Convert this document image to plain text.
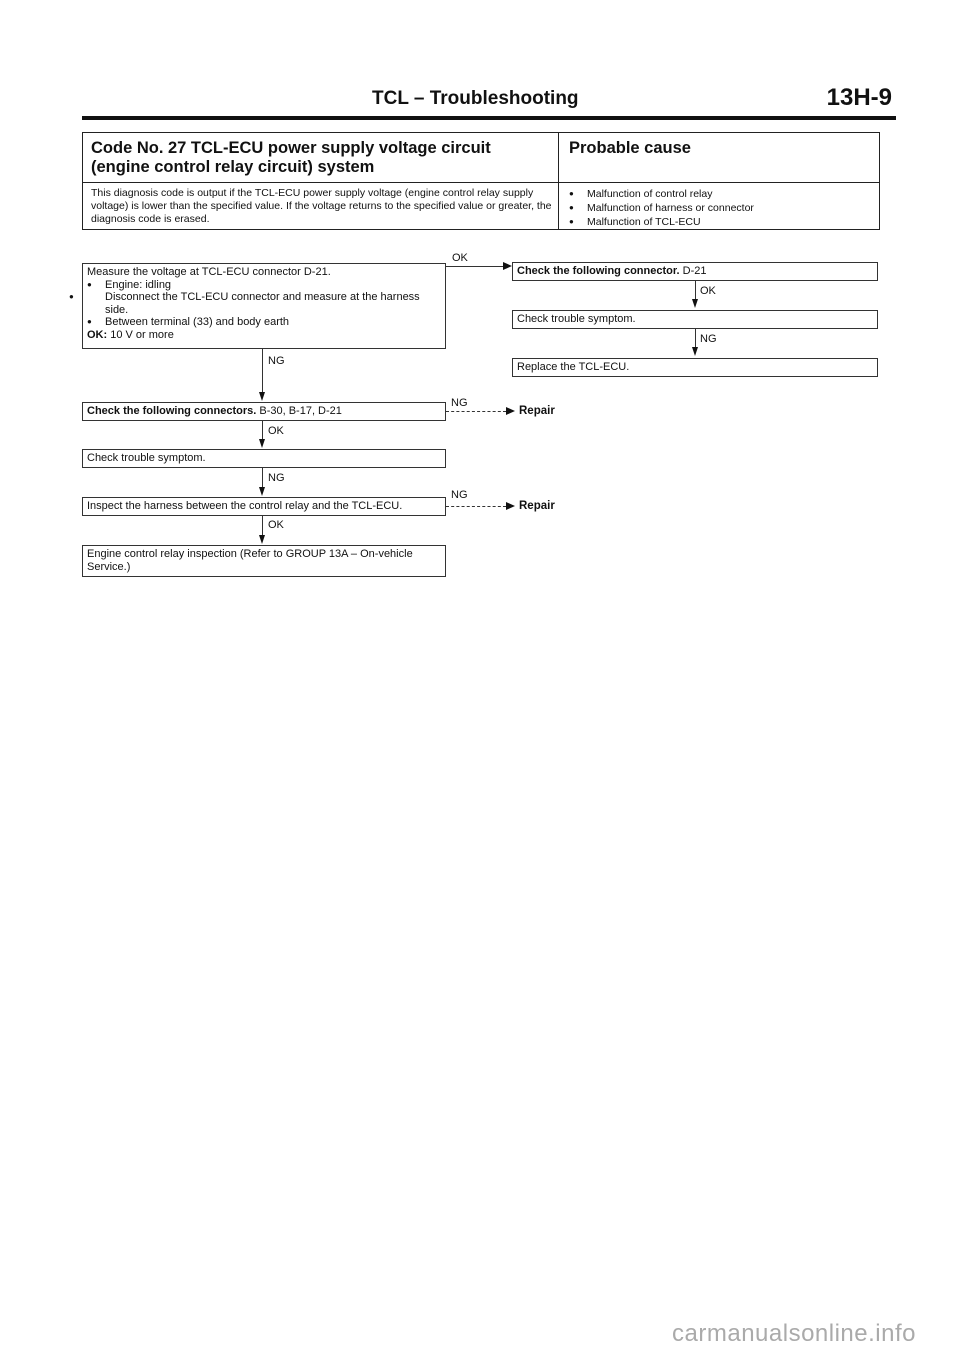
TCL – Troubleshooting	13H-9
Code No. 27 TCL-ECU power supply voltage circuit (engine control relay circuit) system
Probable cause
This diagnosis code is output if the TCL-ECU power supply voltage (engine control relay supply voltage) is lower than the specified value. If the voltage returns to the specified value or greater, the diagnosis code is erased.
● Malfunction of control relay
● Malfunction of harness or connector
● Malfunction of TCL-ECU
Measure the voltage at TCL-ECU connector D-21.
● Engine: idling
● Disconnect the TCL-ECU connector and measure at the harness side.
● Between terminal (33) and body earth
OK: 10 V or more
OK
Check the following connector. D-21
OK
Check trouble symptom.
NG
Replace the TCL-ECU.
NG
Check the following connectors. B-30, B-17, D-21
NG
Repair
OK
Check trouble symptom.
NG
Inspect the harness between the control relay and the TCL-ECU.
NG
Repair
OK
Engine control relay inspection (Refer to GROUP 13A – On-vehicle Service.)
carmanualsonline.info
